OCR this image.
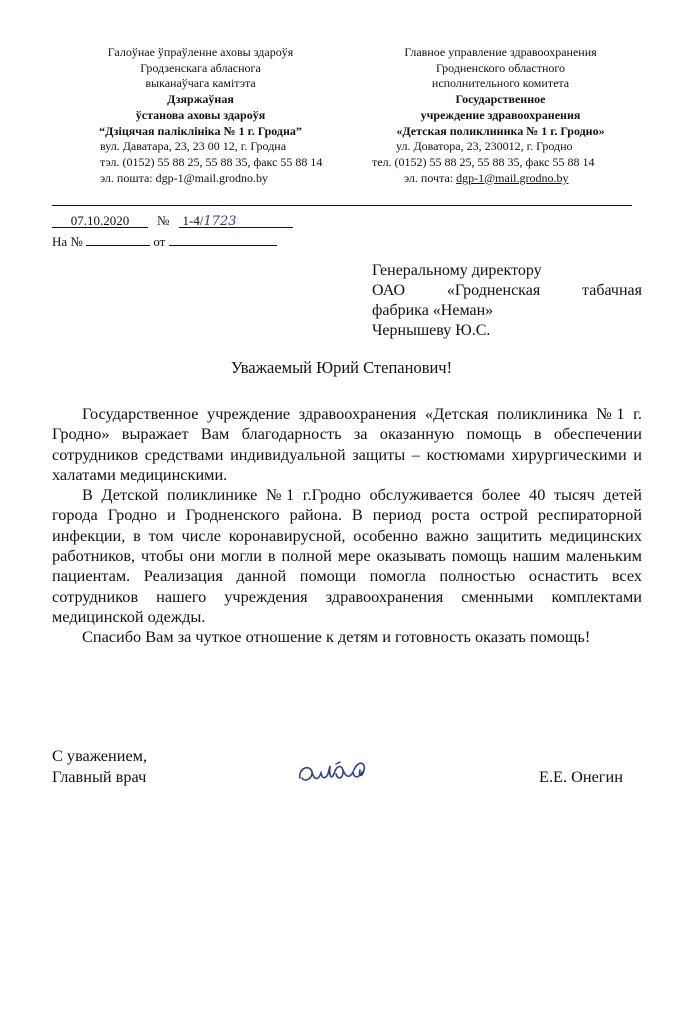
Галоўнае ўпраўленне аховы здароўя
Гродзенскага абласнога
выканаўчага камітэта
Дзяржаўная
ўстанова аховы здароўя
“Дзіцячая паліклініка № 1 г. Гродна”
вул. Даватара, 23, 23 00 12, г. Гродна
тэл. (0152) 55 88 25, 55 88 35, факс 55 88 14
эл. пошта: dgp-1@mail.grodno.by
Главное управление здравоохранения
Гродненского областного
исполнительного комитета
Государственное
учреждение здравоохранения
«Детская поликлиника № 1 г. Гродно»
ул. Доватора, 23, 230012, г. Гродно
тел. (0152) 55 88 25, 55 88 35, факс 55 88 14
эл. почта: dgp-1@mail.grodno.by
07.10.2020 № 1-4/1723
На №	от
Генеральному директору
ОАО «Гродненская табачная
фабрика «Неман»
Чернышеву Ю.С.
Уважаемый Юрий Степанович!

Государственное учреждение здравоохранения «Детская поликлиника №1 г. Гродно» выражает Вам благодарность за оказанную помощь в обеспечении сотрудников средствами индивидуальной защиты – костюмами хирургическими и халатами медицинскими.

В Детской поликлинике №1 г.Гродно обслуживается более 40 тысяч детей города Гродно и Гродненского района. В период роста острой респираторной инфекции, в том числе коронавирусной, особенно важно защитить медицинских работников, чтобы они могли в полной мере оказывать помощь нашим маленьким пациентам. Реализация данной помощи помогла полностью оснастить всех сотрудников нашего учреждения здравоохранения сменными комплектами медицинской одежды.

Спасибо Вам за чуткое отношение к детям и готовность оказать помощь!

С уважением,
Главный врач	Е.Е. Онегин
